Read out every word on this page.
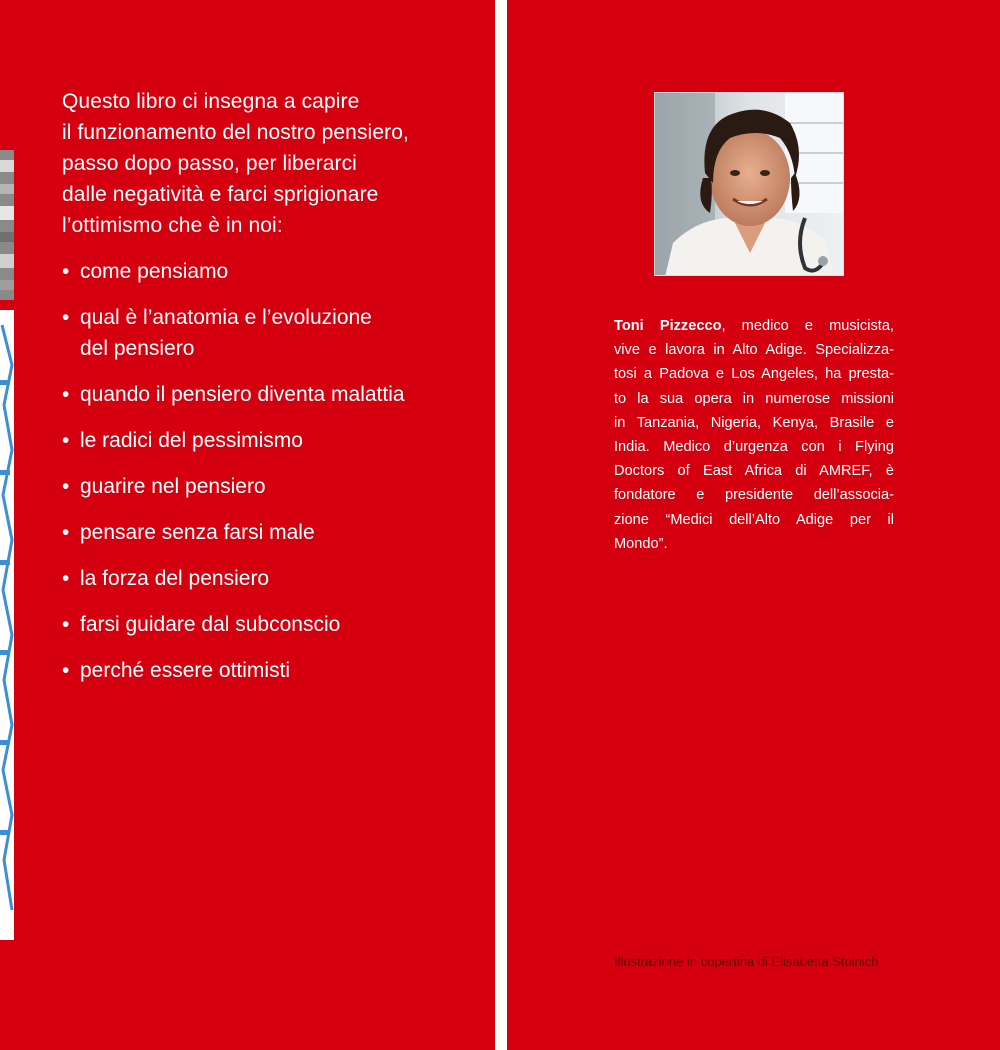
Questo libro ci insegna a capire
il funzionamento del nostro pensiero,
passo dopo passo, per liberarci
dalle negatività e farci sprigionare
l’ottimismo che è in noi:
• come pensiamo
• qual è l’anatomia e l’evoluzione
del pensiero
• quando il pensiero diventa malattia
• le radici del pessimismo
• guarire nel pensiero
• pensare senza farsi male
• la forza del pensiero
• farsi guidare dal subconscio
• perché essere ottimisti
Toni Pizzecco, medico e musicista,
vive e lavora in Alto Adige. Specializza-
tosi a Padova e Los Angeles, ha presta-
to la sua opera in numerose missioni
in Tanzania, Nigeria, Kenya, Brasile e
India. Medico d’urgenza con i Flying
Doctors of East Africa di AMREF, è
fondatore e presidente dell’associa-
zione “Medici dell’Alto Adige per il
Mondo”.
Illustrazione in copertina di Elisabetta Stoinich
